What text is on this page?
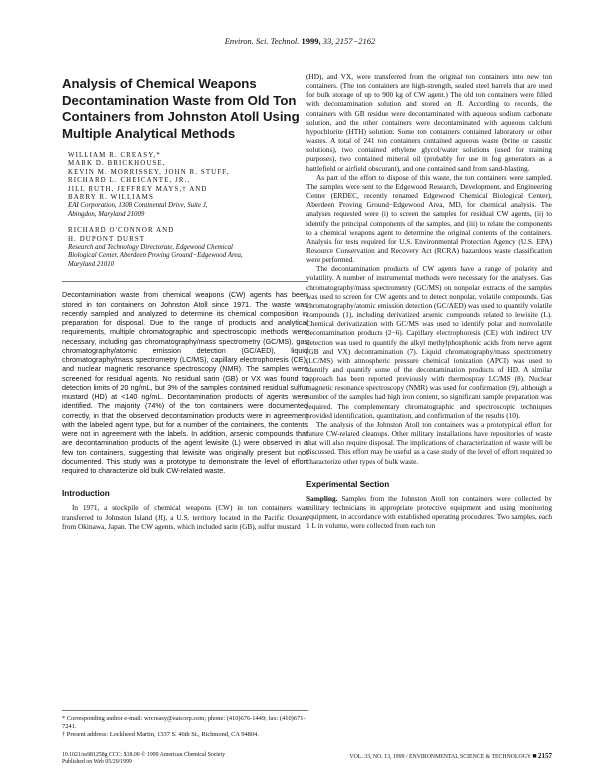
Environ. Sci. Technol. 1999, 33, 2157−2162
Analysis of Chemical Weapons Decontamination Waste from Old Ton Containers from Johnston Atoll Using Multiple Analytical Methods
WILLIAM R. CREASY,*
MARK D. BRICKHOUSE,
KEVIN M. MORRISSEY, JOHN R. STUFF,
RICHARD L. CHEICANTE, JR.,
JILL RUTH, JEFFREY MAYS,† AND
BARRY R. WILLIAMS
EAI Corporation, 1308 Continental Drive, Suite J,
Abingdon, Maryland 21009
RICHARD O'CONNOR AND
H. DUPONT DURST
Research and Technology Directorate, Edgewood Chemical
Biological Center, Aberdeen Proving Ground−Edgewood Area,
Maryland 21010

Decontamination waste from chemical weapons (CW) agents has been stored in ton containers on Johnston Atoll since 1971. The waste was recently sampled and analyzed to determine its chemical composition in preparation for disposal. Due to the range of products and analytical requirements, multiple chromatographic and spectroscopic methods were necessary, including gas chromatography/mass spectrometry (GC/MS), gas chromatography/atomic emission detection (GC/AED), liquid chromatography/mass spectrometry (LC/MS), capillary electrophoresis (CE), and nuclear magnetic resonance spectroscopy (NMR). The samples were screened for residual agents. No residual sarin (GB) or VX was found to detection limits of 20 ng/mL, but 3% of the samples contained residual sulfur mustard (HD) at <140 ng/mL. Decontamination products of agents were identified. The majority (74%) of the ton containers were documented correctly, in that the observed decontamination products were in agreement with the labeled agent type, but for a number of the containers, the contents were not in agreement with the labels. In addition, arsenic compounds that are decontamination products of the agent lewisite (L) were observed in a few ton containers, suggesting that lewisite was originally present but not documented. This study was a prototype to demonstrate the level of effort required to characterize old bulk CW-related waste.

Introduction

In 1971, a stockpile of chemical weapons (CW) in ton containers was transferred to Johnston Island (JI), a U.S. territory located in the Pacific Ocean, from Okinawa, Japan. The CW agents, which included sarin (GB), sulfur mustard

* Corresponding author e-mail: wrcreasy@eaicorp.com; phone: (410)676-1449; fax: (410)671-7241.
† Present address: Lockheed Martin, 1337 S. 46th St., Richmond, CA 94804.
10.1021/es981258g CCC: $18.00 © 1999 American Chemical Society
Published on Web 05/20/1999

(HD), and VX, were transferred from the original ton containers into new ton containers. (The ton containers are high-strength, sealed steel barrels that are used for bulk storage of up to 900 kg of CW agent.) The old ton containers were filled with decontamination solution and stored on JI. According to records, the containers with GB residue were decontaminated with aqueous sodium carbonate solution, and the other containers were decontaminated with aqueous calcium hypochlorite (HTH) solution. Some ton containers contained laboratory or other wastes. A total of 241 ton containers contained aqueous waste (brine or caustic solutions), two contained ethylene glycol/water solutions (used for training purposes), two contained mineral oil (probably for use in fog generators as a battlefield or airfield obscurant), and one contained sand from sand-blasting.

As part of the effort to dispose of this waste, the ton containers were sampled. The samples were sent to the Edgewood Research, Development, and Engineering Center (ERDEC, recently renamed Edgewood Chemical Biological Center), Aberdeen Proving Ground−Edgewood Area, MD, for chemical analysis. The analyses requested were (i) to screen the samples for residual CW agents, (ii) to identify the principal components of the samples, and (iii) to relate the components to a chemical weapons agent to determine the original contents of the containers. Analysis for tests required for U.S. Environmental Protection Agency (U.S. EPA) Resource Conservation and Recovery Act (RCRA) hazardous waste classification were performed.

The decontamination products of CW agents have a range of polarity and volatility. A number of instrumental methods were necessary for the analyses. Gas chromatography/mass spectrometry (GC/MS) on nonpolar extracts of the samples was used to screen for CW agents and to detect nonpolar, volatile compounds. Gas chromatography/atomic emission detection (GC/AED) was used to quantify volatile compounds (1), including derivatized arsenic compounds related to lewisite (L). Chemical derivatization with GC/MS was used to identify polar and nonvolatile decontamination products (2−6). Capillary electrophoresis (CE) with indirect UV detection was used to quantify the alkyl methylphosphonic acids from nerve agent (GB and VX) decontamination (7). Liquid chromatography/mass spectrometry (LC/MS) with atmospheric pressure chemical ionization (APCI) was used to identify and quantify some of the decontamination products of HD. A similar approach has been reported previously with thermospray LC/MS (8). Nuclear magnetic resonance spectroscopy (NMR) was used for confirmation (9), although a number of the samples had high iron content, so significant sample preparation was required. The complementary chromatographic and spectroscopic techniques provided identification, quantitation, and confirmation of the results (10).

The analysis of the Johnston Atoll ton containers was a prototypical effort for future CW-related cleanups. Other military installations have repositories of waste that will also require disposal. The implications of characterization of waste will be discussed. This effort may be useful as a case study of the level of effort required to characterize other types of bulk waste.

Experimental Section

Sampling. Samples from the Johnston Atoll ton containers were collected by military technicians in appropriate protective equipment and using monitoring equipment, in accordance with established operating procedures. Two samples, each 1 L in volume, were collected from each ton

VOL. 33, NO. 13, 1999 / ENVIRONMENTAL SCIENCE & TECHNOLOGY ■ 2157
